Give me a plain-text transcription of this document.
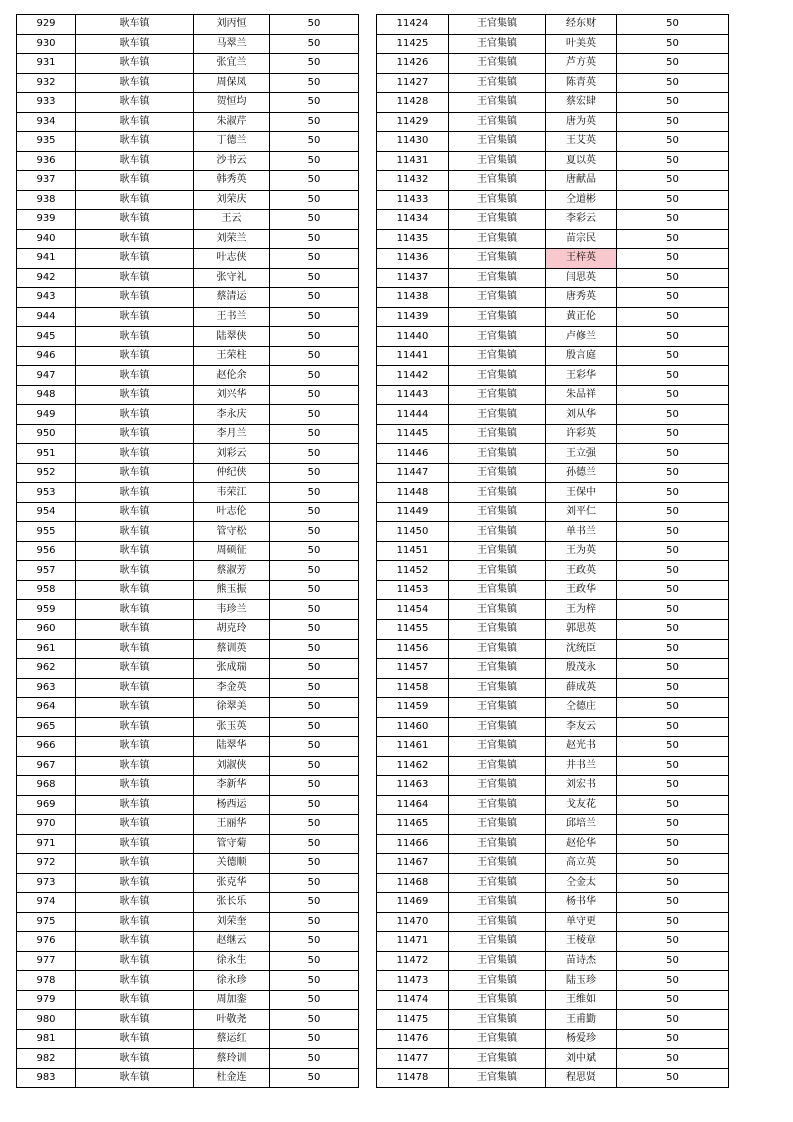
929	耿车镇	刘丙恒	50
930	耿车镇	马翠兰	50
931	耿车镇	张宜兰	50
932	耿车镇	周保凤	50
933	耿车镇	贺恒均	50
934	耿车镇	朱淑芹	50
935	耿车镇	丁德兰	50
936	耿车镇	沙书云	50
937	耿车镇	韩秀英	50
938	耿车镇	刘荣庆	50
939	耿车镇	王云	50
940	耿车镇	刘荣兰	50
941	耿车镇	叶志侠	50
942	耿车镇	张守礼	50
943	耿车镇	蔡清运	50
944	耿车镇	王书兰	50
945	耿车镇	陆翠侠	50
946	耿车镇	王荣柱	50
947	耿车镇	赵伦余	50
948	耿车镇	刘兴华	50
949	耿车镇	李永庆	50
950	耿车镇	李月兰	50
951	耿车镇	刘彩云	50
952	耿车镇	仲纪侠	50
953	耿车镇	韦荣江	50
954	耿车镇	叶志伦	50
955	耿车镇	管守松	50
956	耿车镇	周硕征	50
957	耿车镇	蔡淑芳	50
958	耿车镇	熊玉振	50
959	耿车镇	韦珍兰	50
960	耿车镇	胡克玲	50
961	耿车镇	蔡训英	50
962	耿车镇	张成瑞	50
963	耿车镇	李金英	50
964	耿车镇	徐翠美	50
965	耿车镇	张玉英	50
966	耿车镇	陆翠华	50
967	耿车镇	刘淑侠	50
968	耿车镇	李新华	50
969	耿车镇	杨西运	50
970	耿车镇	王丽华	50
971	耿车镇	管守菊	50
972	耿车镇	关德顺	50
973	耿车镇	张克华	50
974	耿车镇	张长乐	50
975	耿车镇	刘荣奎	50
976	耿车镇	赵继云	50
977	耿车镇	徐永生	50
978	耿车镇	徐永珍	50
979	耿车镇	周加銮	50
980	耿车镇	叶敬尧	50
981	耿车镇	蔡运红	50
982	耿车镇	蔡玲训	50
983	耿车镇	杜金连	50
11424	王官集镇	经东财	50
11425	王官集镇	叶美英	50
11426	王官集镇	芦方英	50
11427	王官集镇	陈青英	50
11428	王官集镇	蔡宏肆	50
11429	王官集镇	唐为英	50
11430	王官集镇	王艾英	50
11431	王官集镇	夏以英	50
11432	王官集镇	唐献品	50
11433	王官集镇	仝道彬	50
11434	王官集镇	李彩云	50
11435	王官集镇	苗宗民	50
11436	王官集镇	王梓英	50
11437	王官集镇	闫思英	50
11438	王官集镇	唐秀英	50
11439	王官集镇	黄正伦	50
11440	王官集镇	卢修兰	50
11441	王官集镇	殷言庭	50
11442	王官集镇	王彩华	50
11443	王官集镇	朱品祥	50
11444	王官集镇	刘从华	50
11445	王官集镇	许彩英	50
11446	王官集镇	王立强	50
11447	王官集镇	孙德兰	50
11448	王官集镇	王保中	50
11449	王官集镇	刘平仁	50
11450	王官集镇	单书兰	50
11451	王官集镇	王为英	50
11452	王官集镇	王政英	50
11453	王官集镇	王政华	50
11454	王官集镇	王为梓	50
11455	王官集镇	郭思英	50
11456	王官集镇	沈统臣	50
11457	王官集镇	殷茂永	50
11458	王官集镇	薛成英	50
11459	王官集镇	仝德庄	50
11460	王官集镇	李友云	50
11461	王官集镇	赵光书	50
11462	王官集镇	井书兰	50
11463	王官集镇	刘宏书	50
11464	王官集镇	戈友花	50
11465	王官集镇	邱培兰	50
11466	王官集镇	赵伦华	50
11467	王官集镇	高立英	50
11468	王官集镇	仝金太	50
11469	王官集镇	杨书华	50
11470	王官集镇	单守更	50
11471	王官集镇	王棱章	50
11472	王官集镇	苗诗杰	50
11473	王官集镇	陆玉珍	50
11474	王官集镇	王维如	50
11475	王官集镇	王甫勤	50
11476	王官集镇	杨爱珍	50
11477	王官集镇	刘中斌	50
11478	王官集镇	程思贤	50
